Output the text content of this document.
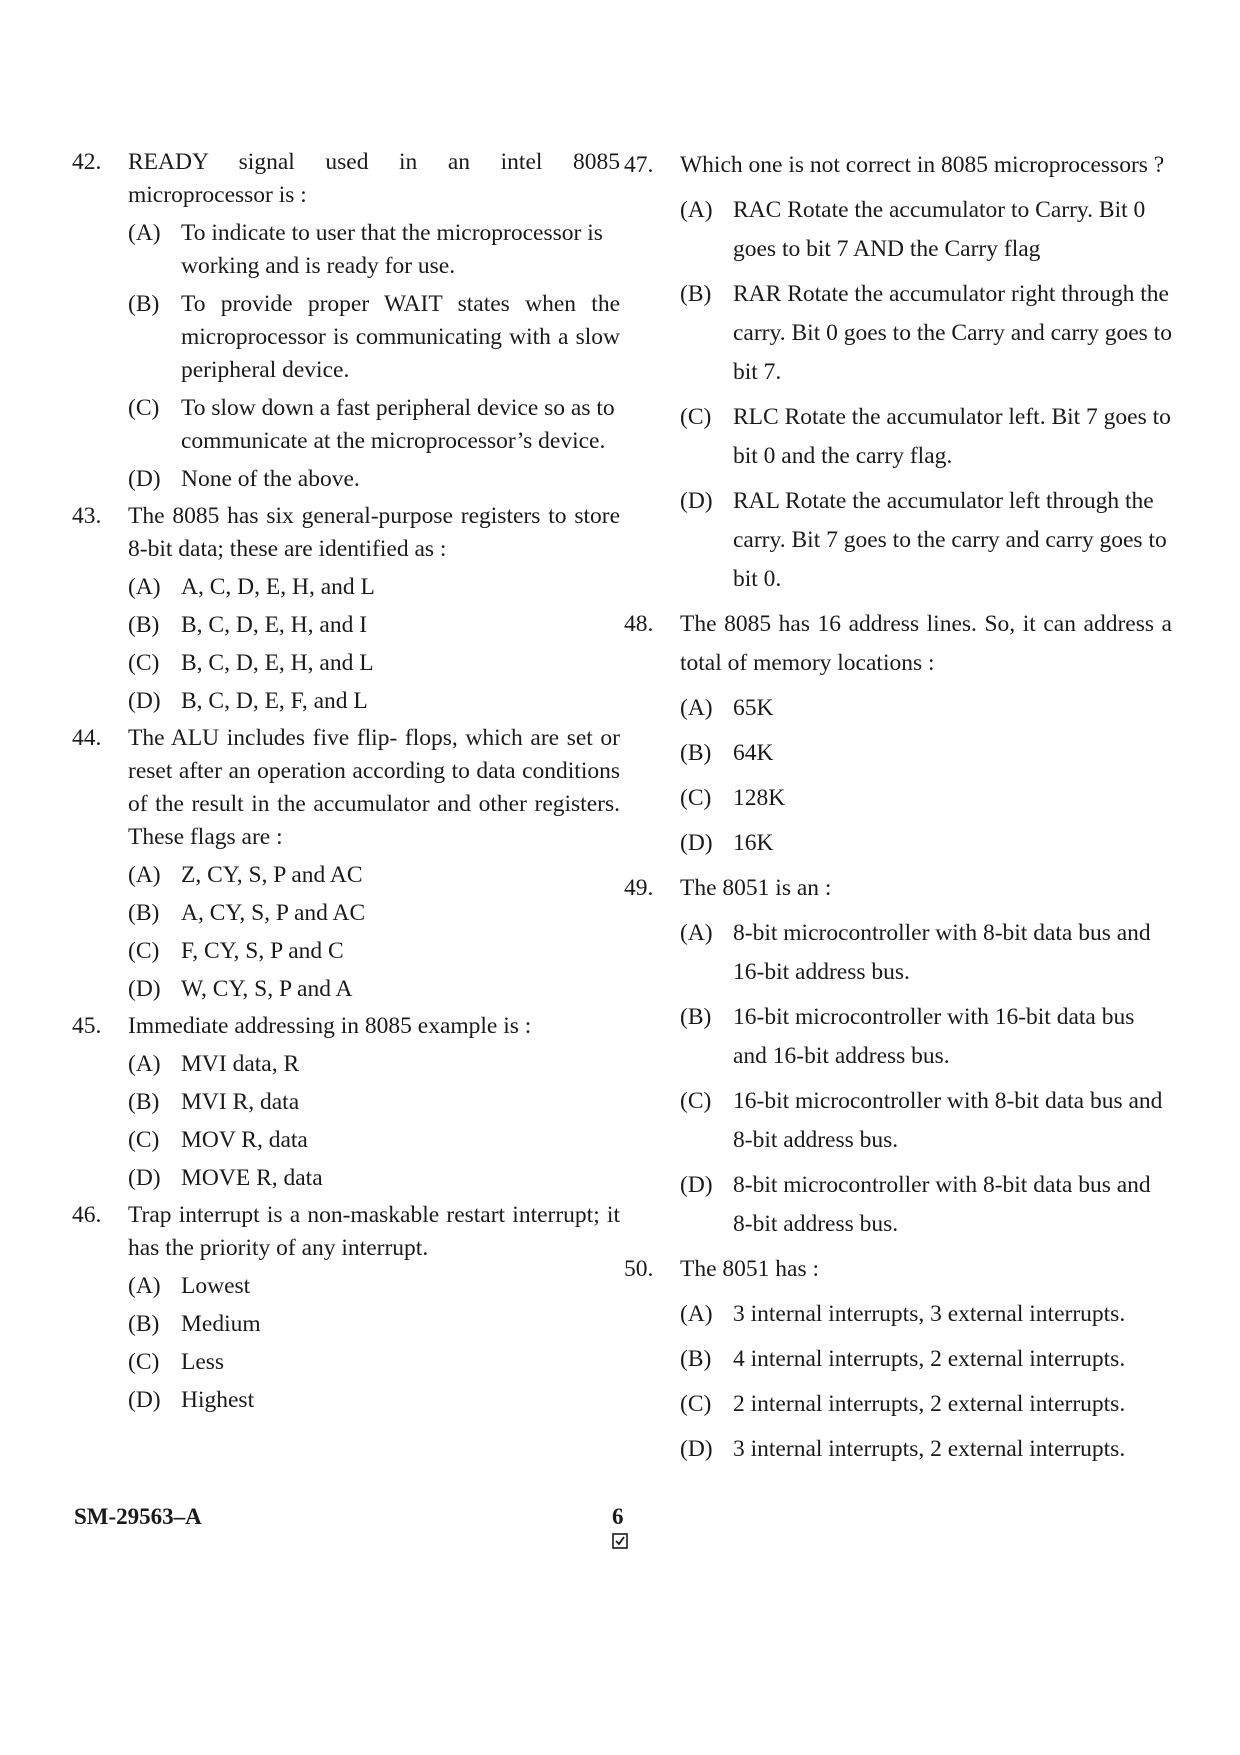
42. READY signal used in an intel 8085 microprocessor is :
(A) To indicate to user that the microprocessor is working and is ready for use.
(B) To provide proper WAIT states when the microprocessor is communicating with a slow peripheral device.
(C) To slow down a fast peripheral device so as to communicate at the microprocessor’s device.
(D) None of the above.
43. The 8085 has six general-purpose registers to store 8-bit data; these are identified as :
(A) A, C, D, E, H, and L
(B) B, C, D, E, H, and I
(C) B, C, D, E, H, and L
(D) B, C, D, E, F, and L
44. The ALU includes five flip- flops, which are set or reset after an operation according to data conditions of the result in the accumulator and other registers. These flags are :
(A) Z, CY, S, P and AC
(B) A, CY, S, P and AC
(C) F, CY, S, P and C
(D) W, CY, S, P and A
45. Immediate addressing in 8085 example is :
(A) MVI data, R
(B) MVI R, data
(C) MOV R, data
(D) MOVE R, data
46. Trap interrupt is a non-maskable restart interrupt; it has the priority of any interrupt.
(A) Lowest
(B) Medium
(C) Less
(D) Highest
47. Which one is not correct in 8085 microprocessors ?
(A) RAC Rotate the accumulator to Carry. Bit 0 goes to bit 7 AND the Carry flag
(B) RAR Rotate the accumulator right through the carry. Bit 0 goes to the Carry and carry goes to bit 7.
(C) RLC Rotate the accumulator left. Bit 7 goes to bit 0 and the carry flag.
(D) RAL Rotate the accumulator left through the carry. Bit 7 goes to the carry and carry goes to bit 0.
48. The 8085 has 16 address lines. So, it can address a total of memory locations :
(A) 65K
(B) 64K
(C) 128K
(D) 16K
49. The 8051 is an :
(A) 8-bit microcontroller with 8-bit data bus and 16-bit address bus.
(B) 16-bit microcontroller with 16-bit data bus and 16-bit address bus.
(C) 16-bit microcontroller with 8-bit data bus and 8-bit address bus.
(D) 8-bit microcontroller with 8-bit data bus and 8-bit address bus.
50. The 8051 has :
(A) 3 internal interrupts, 3 external interrupts.
(B) 4 internal interrupts, 2 external interrupts.
(C) 2 internal interrupts, 2 external interrupts.
(D) 3 internal interrupts, 2 external interrupts.
SM-29563–A	6
